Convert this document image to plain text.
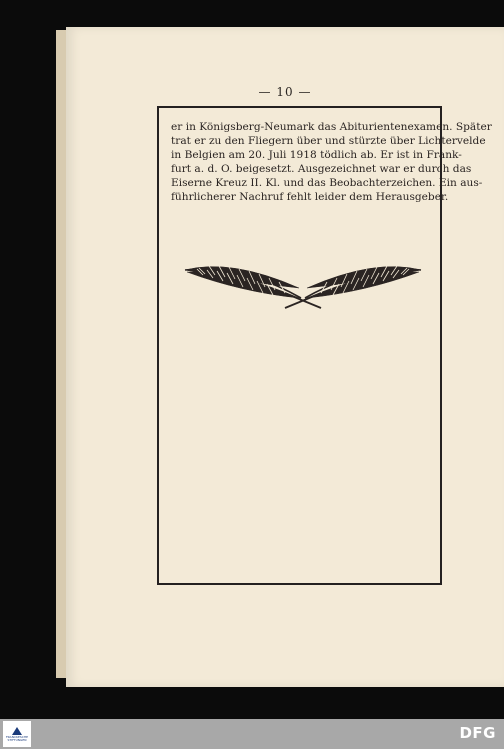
— 10 —
er in Königsberg-Neumark das Abiturientenexamen. Später
trat er zu den Fliegern über und stürzte über Lichtervelde
in Belgien am 20. Juli 1918 tödlich ab. Er ist in Frank-
furt a. d. O. beigesetzt. Ausgezeichnet war er durch das
Eiserne Kreuz II. Kl. und das Beobachterzeichen. Ein aus-
führlicherer Nachruf fehlt leider dem Herausgeber.
FRANCKESCHE
STIFTUNGEN	DFG
